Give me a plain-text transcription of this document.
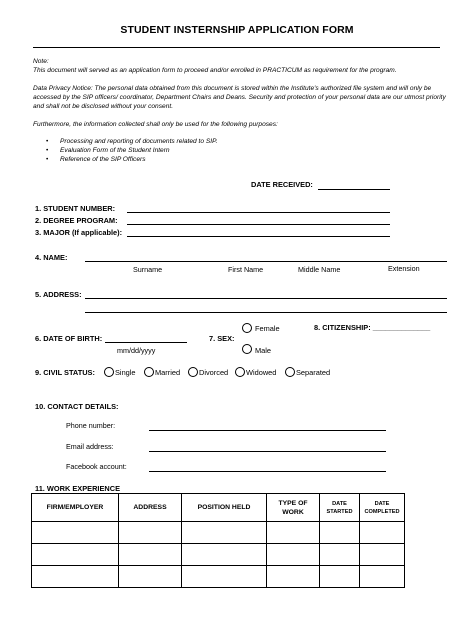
STUDENT INSTERNSHIP APPLICATION FORM
Note:
This document will served as an application form to proceed and/or enrolled in PRACTICUM as requirement for the program.
Data Privacy Notice: The personal data obtained from this document is stored within the Institute's authorized file system and will only be accessed by the SIP officers/ coordinator, Department Chairs and Deans. Security and protection of your personal data are our utmost priority and shall not be disclosed without your consent.
Furthermore, the information collected shall only be used for the following purposes:
• Processing and reporting of documents related to SIP.
• Evaluation Form of the Student Intern
• Reference of the SIP Officers
DATE RECEIVED:
1. STUDENT NUMBER:
2. DEGREE PROGRAM:
3. MAJOR (If applicable):
4. NAME:
Surname	First Name	Middle Name	Extension
5. ADDRESS:
6. DATE OF BIRTH:
mm/dd/yyyy
7. SEX:
Female
Male
8. CITIZENSHIP: ______________
9. CIVIL STATUS:	Single	Married	Divorced Widowed	Separated
10. CONTACT DETAILS:
Phone number:
Email address:
Facebook account:
11. WORK EXPERIENCE
FIRM/EMPLOYER	ADDRESS	POSITION HELD	TYPE OF WORK	DATE STARTED	DATE COMPLETED
